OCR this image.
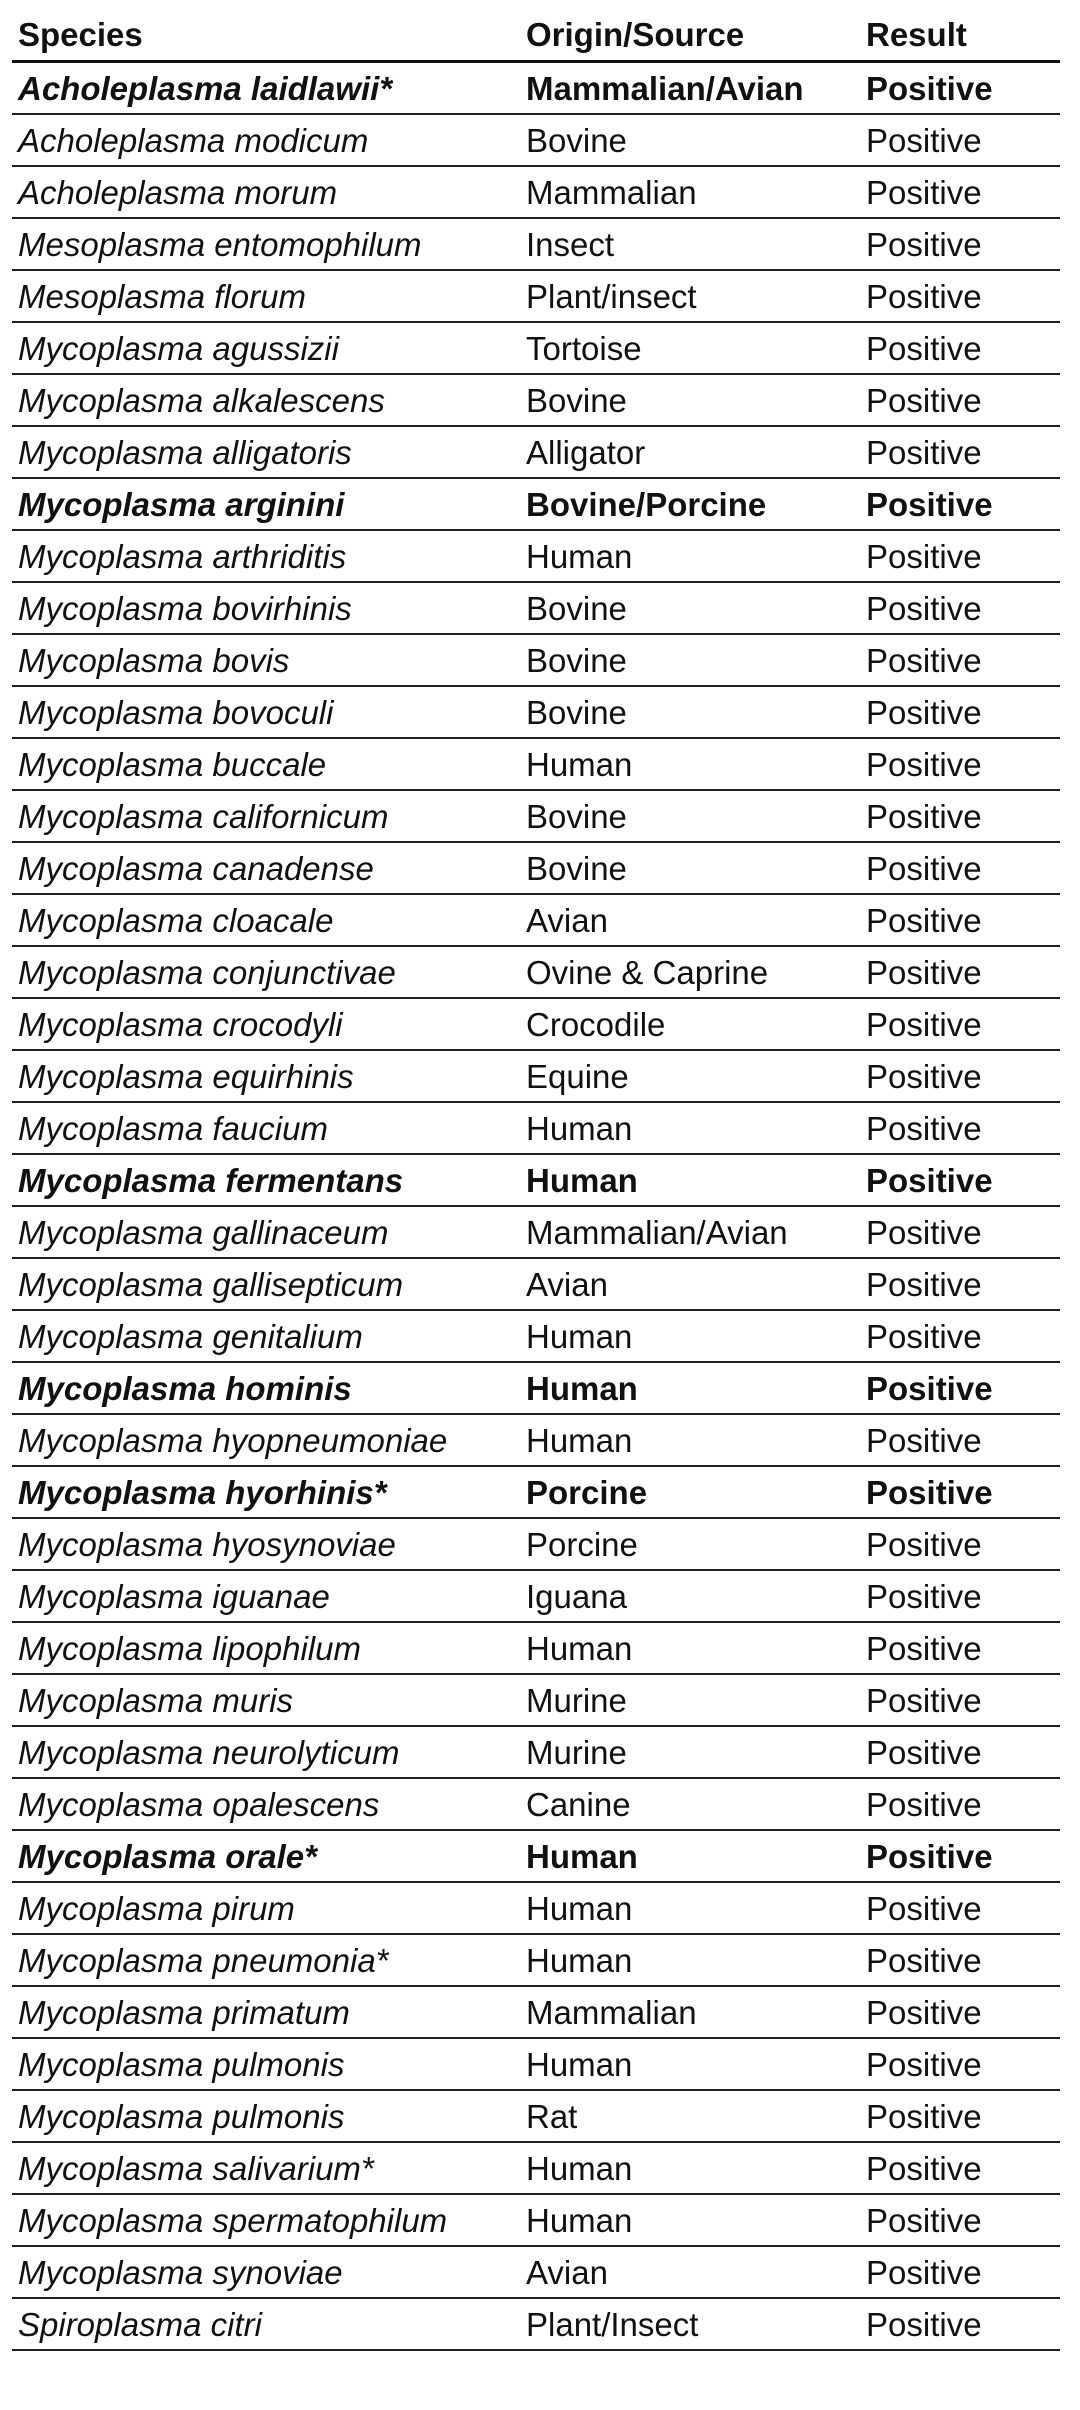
Species	Origin/Source	Result
Acholeplasma laidlawii*	Mammalian/Avian	Positive
Acholeplasma modicum	Bovine	Positive
Acholeplasma morum	Mammalian	Positive
Mesoplasma entomophilum	Insect	Positive
Mesoplasma florum	Plant/insect	Positive
Mycoplasma agussizii	Tortoise	Positive
Mycoplasma alkalescens	Bovine	Positive
Mycoplasma alligatoris	Alligator	Positive
Mycoplasma arginini	Bovine/Porcine	Positive
Mycoplasma arthriditis	Human	Positive
Mycoplasma bovirhinis	Bovine	Positive
Mycoplasma bovis	Bovine	Positive
Mycoplasma bovoculi	Bovine	Positive
Mycoplasma buccale	Human	Positive
Mycoplasma californicum	Bovine	Positive
Mycoplasma canadense	Bovine	Positive
Mycoplasma cloacale	Avian	Positive
Mycoplasma conjunctivae	Ovine & Caprine	Positive
Mycoplasma crocodyli	Crocodile	Positive
Mycoplasma equirhinis	Equine	Positive
Mycoplasma faucium	Human	Positive
Mycoplasma fermentans	Human	Positive
Mycoplasma gallinaceum	Mammalian/Avian	Positive
Mycoplasma gallisepticum	Avian	Positive
Mycoplasma genitalium	Human	Positive
Mycoplasma hominis	Human	Positive
Mycoplasma hyopneumoniae	Human	Positive
Mycoplasma hyorhinis*	Porcine	Positive
Mycoplasma hyosynoviae	Porcine	Positive
Mycoplasma iguanae	Iguana	Positive
Mycoplasma lipophilum	Human	Positive
Mycoplasma muris	Murine	Positive
Mycoplasma neurolyticum	Murine	Positive
Mycoplasma opalescens	Canine	Positive
Mycoplasma orale*	Human	Positive
Mycoplasma pirum	Human	Positive
Mycoplasma pneumonia*	Human	Positive
Mycoplasma primatum	Mammalian	Positive
Mycoplasma pulmonis	Human	Positive
Mycoplasma pulmonis	Rat	Positive
Mycoplasma salivarium*	Human	Positive
Mycoplasma spermatophilum	Human	Positive
Mycoplasma synoviae	Avian	Positive
Spiroplasma citri	Plant/Insect	Positive
